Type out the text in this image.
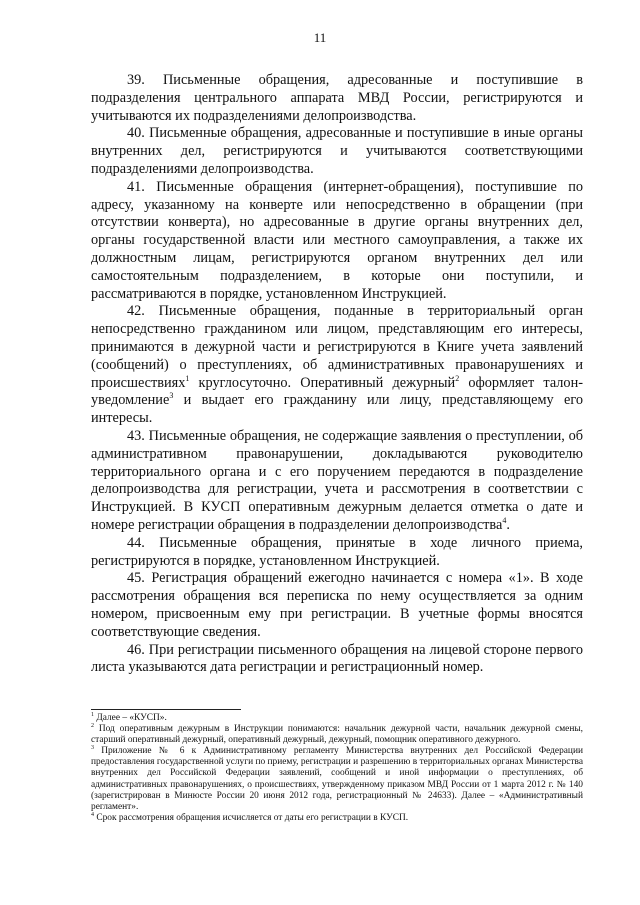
11

39. Письменные обращения, адресованные и поступившие в подразделения центрального аппарата МВД России, регистрируются и учитываются их подразделениями делопроизводства.

40. Письменные обращения, адресованные и поступившие в иные органы внутренних дел, регистрируются и учитываются соответствующими подразделениями делопроизводства.

41. Письменные обращения (интернет-обращения), поступившие по адресу, указанному на конверте или непосредственно в обращении (при отсутствии конверта), но адресованные в другие органы внутренних дел, органы государственной власти или местного самоуправления, а также их должностным лицам, регистрируются органом внутренних дел или самостоятельным подразделением, в которые они поступили, и рассматриваются в порядке, установленном Инструкцией.

42. Письменные обращения, поданные в территориальный орган непосредственно гражданином или лицом, представляющим его интересы, принимаются в дежурной части и регистрируются в Книге учета заявлений (сообщений) о преступлениях, об административных правонарушениях и происшествиях$^1$ круглосуточно. Оперативный дежурный$^2$ оформляет талон-уведомление$^3$ и выдает его гражданину или лицу, представляющему его интересы.

43. Письменные обращения, не содержащие заявления о преступлении, об административном правонарушении, докладываются руководителю территориального органа и с его поручением передаются в подразделение делопроизводства для регистрации, учета и рассмотрения в соответствии с Инструкцией. В КУСП оперативным дежурным делается отметка о дате и номере регистрации обращения в подразделении делопроизводства$^4$.

44. Письменные обращения, принятые в ходе личного приема, регистрируются в порядке, установленном Инструкцией.

45. Регистрация обращений ежегодно начинается с номера «1». В ходе рассмотрения обращения вся переписка по нему осуществляется за одним номером, присвоенным ему при регистрации. В учетные формы вносятся соответствующие сведения.

46. При регистрации письменного обращения на лицевой стороне первого листа указываются дата регистрации и регистрационный номер.

$^1$ Далее – «КУСП».

$^2$ Под оперативным дежурным в Инструкции понимаются: начальник дежурной части, начальник дежурной смены, старший оперативный дежурный, оперативный дежурный, дежурный, помощник оперативного дежурного.

$^3$ Приложение № 6 к Административному регламенту Министерства внутренних дел Российской Федерации предоставления государственной услуги по приему, регистрации и разрешению в территориальных органах Министерства внутренних дел Российской Федерации заявлений, сообщений и иной информации о преступлениях, об административных правонарушениях, о происшествиях, утвержденному приказом МВД России от 1 марта 2012 г. № 140 (зарегистрирован в Минюсте России 20 июня 2012 года, регистрационный № 24633). Далее – «Административный регламент».

$^4$ Срок рассмотрения обращения исчисляется от даты его регистрации в КУСП.
